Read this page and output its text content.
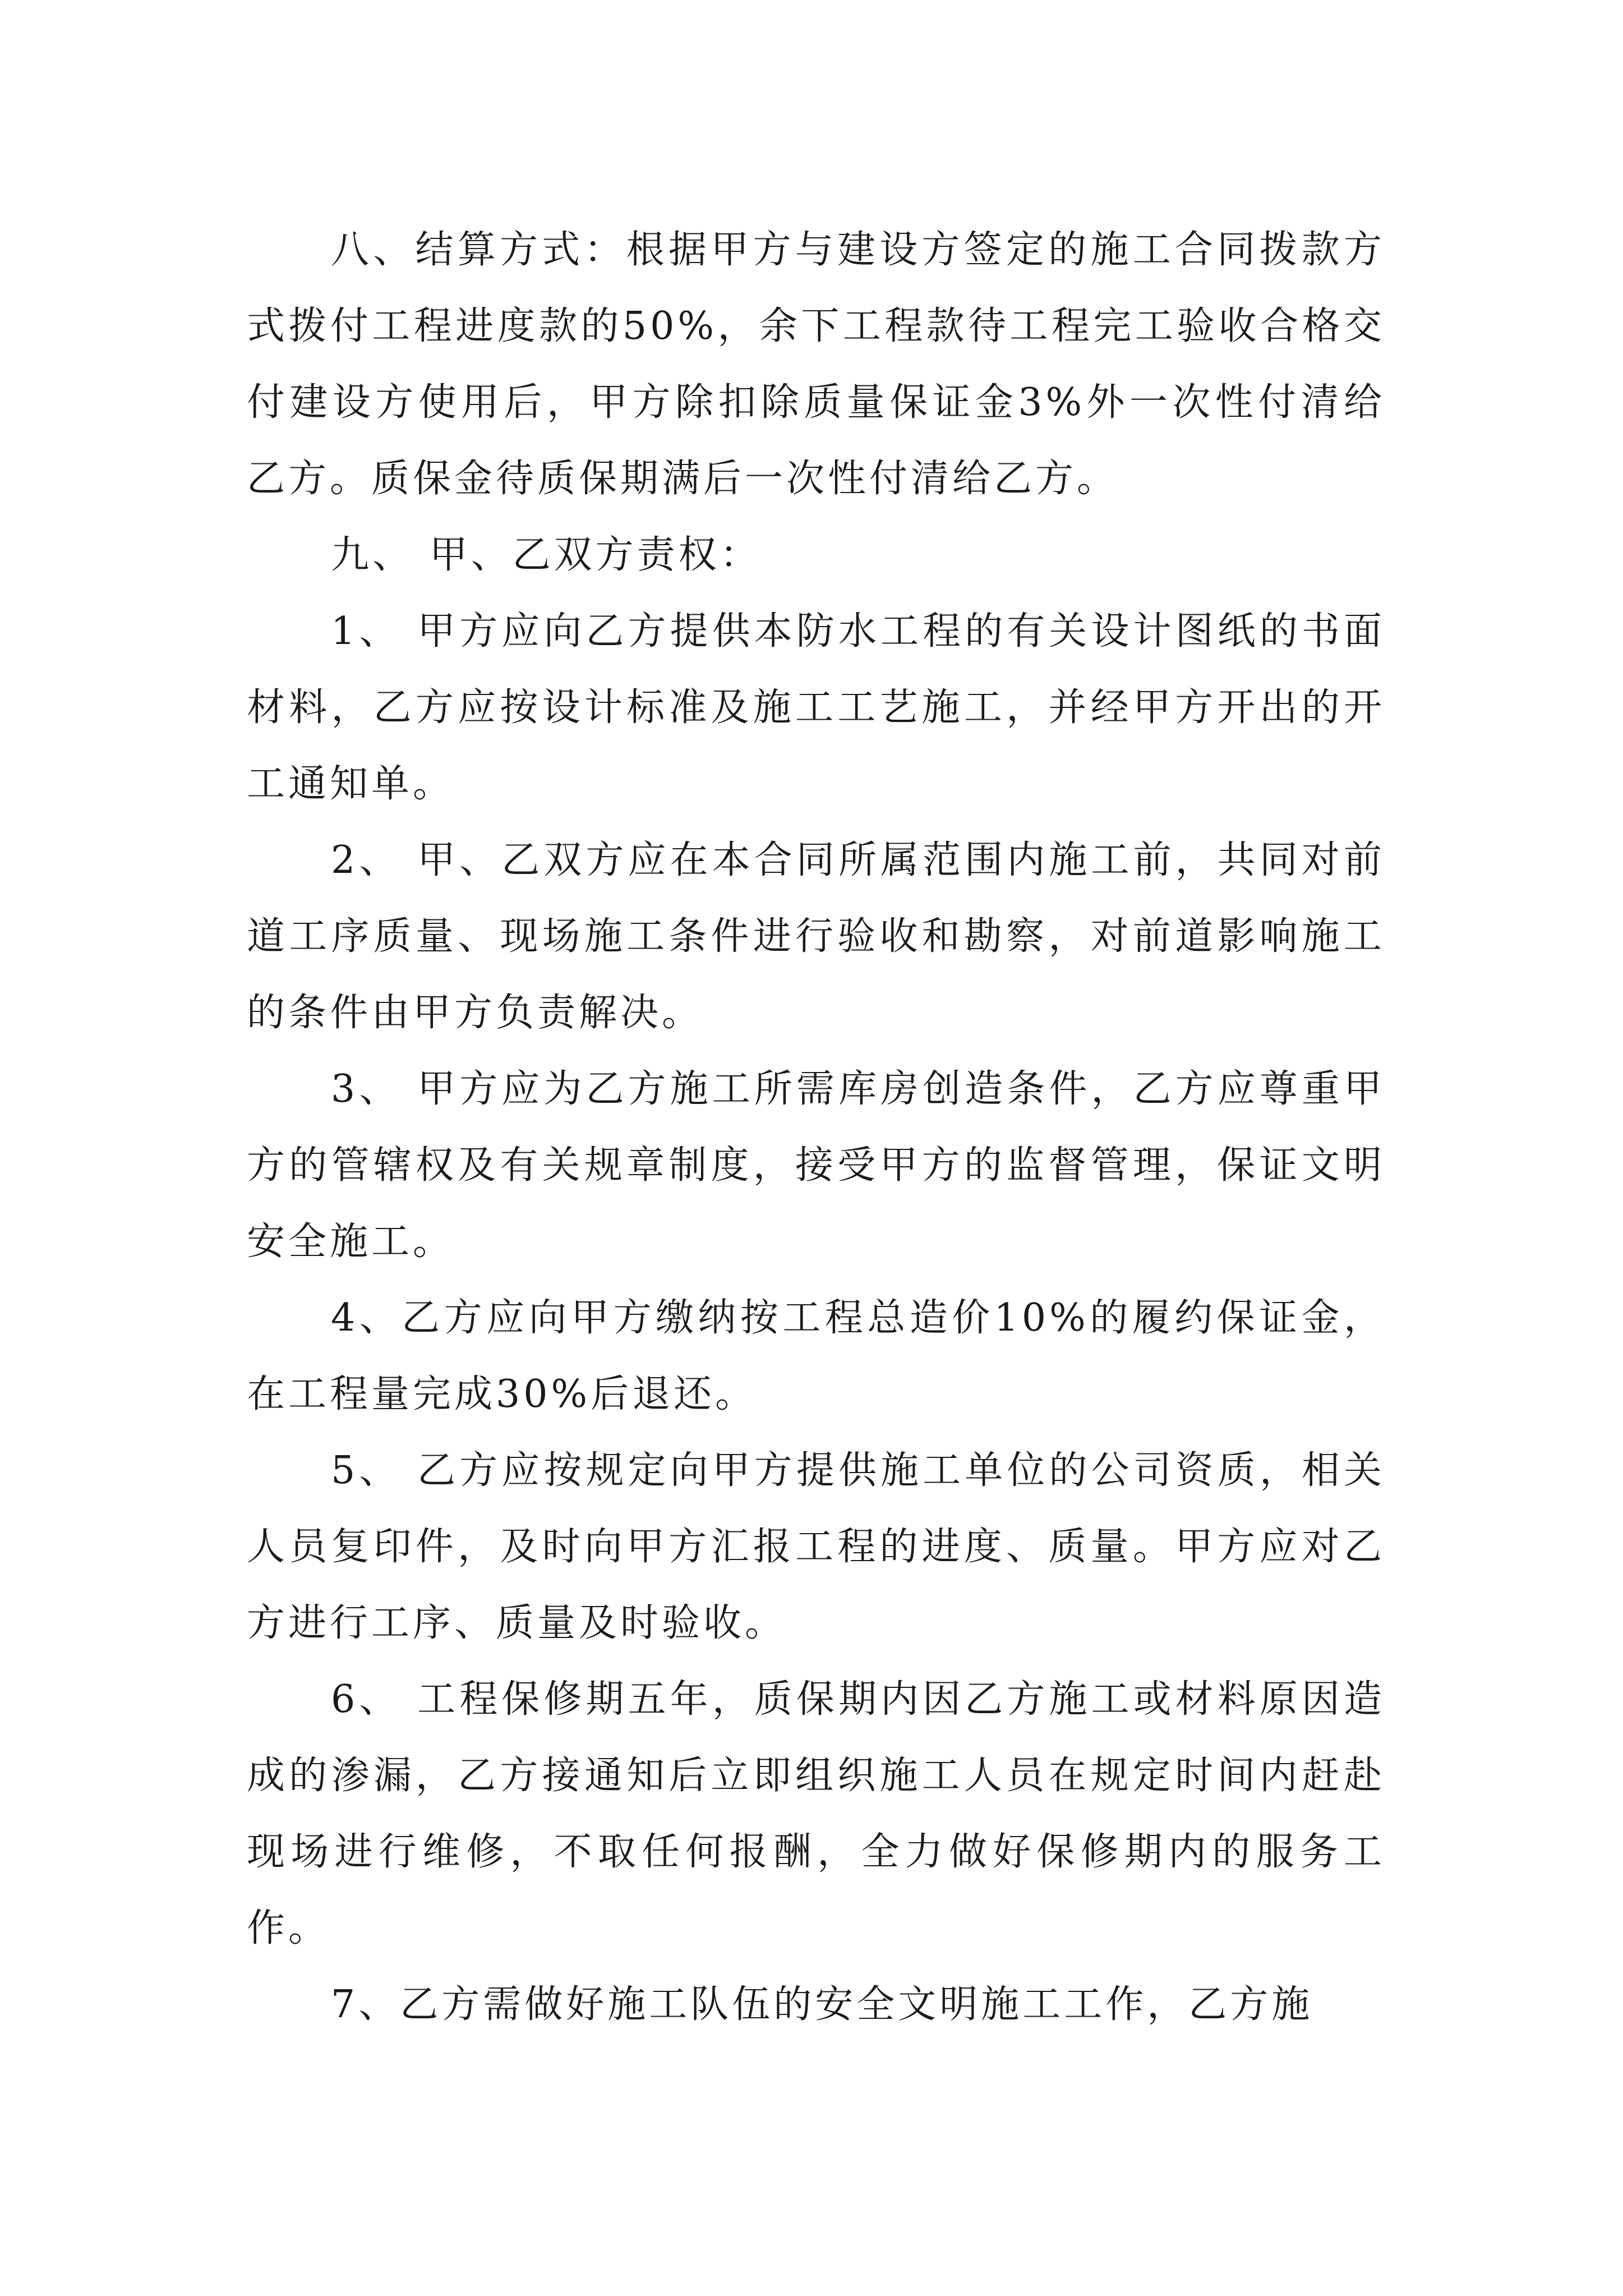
八、结算方式：根据甲方与建设方签定的施工合同拨款方式拨付工程进度款的50%，余下工程款待工程完工验收合格交付建设方使用后，甲方除扣除质量保证金3%外一次性付清给乙方。质保金待质保期满后一次性付清给乙方。

九、 甲、乙双方责权：

1、 甲方应向乙方提供本防水工程的有关设计图纸的书面材料，乙方应按设计标准及施工工艺施工，并经甲方开出的开工通知单。

2、 甲、乙双方应在本合同所属范围内施工前，共同对前道工序质量、现场施工条件进行验收和勘察，对前道影响施工的条件由甲方负责解决。

3、 甲方应为乙方施工所需库房创造条件，乙方应尊重甲方的管辖权及有关规章制度，接受甲方的监督管理，保证文明安全施工。

4、乙方应向甲方缴纳按工程总造价10%的履约保证金，在工程量完成30%后退还。

5、 乙方应按规定向甲方提供施工单位的公司资质，相关人员复印件，及时向甲方汇报工程的进度、质量。甲方应对乙方进行工序、质量及时验收。

6、 工程保修期五年，质保期内因乙方施工或材料原因造成的渗漏，乙方接通知后立即组织施工人员在规定时间内赶赴现场进行维修，不取任何报酬，全力做好保修期内的服务工作。

7、乙方需做好施工队伍的安全文明施工工作，乙方施
